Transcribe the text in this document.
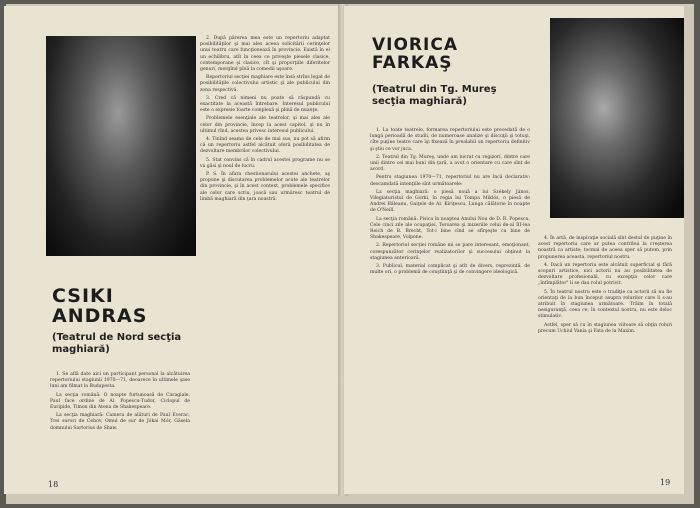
CSIKI
ANDRAS
(Teatrul de Nord secţia maghiară)

2. După părerea mea este un repertoriu adaptat posibilităţilor şi mai ales aceea solicitării cerinţelor unui teatru care funcţionează în provincie. Există în el un echilibru, atît în ceea ce priveşte piesele clasice, contemporane şi clasice, cît şi proporţiile diferitelor genuri, mergînd pînă la comedii uşoare.

Repertoriul secţiei maghiare este însă strîns legat de posibilităţile colectivului artistic şi ale publicului din zona respectivă.

3. Cred că nimeni nu poate să răspundă cu exactitate la această întrebare. Interesul publicului este o expresie foarte complexă şi plină de nuanţe.

Problemele esenţiale ale teatrelor, şi mai ales ale celor din provincie, încep la acest capitol, şi nu în ultimul rînd, acestea privesc interesul publicului.

4. Tinînd seama de cele de mai sus, nu pot să afirm că un repertoriu astfel alcătuit oferă posibilitatea de dezvoltare membrilor colectivului.

5. Stat convins că în cadrul acestei programe nu se va găsi şi noul de lucru.

P. S. În afara chestionarului acestei anchete, aş propune şi discutarea problemelor acute ale teatrelor din provincie, şi în acest context, problemele specifice ale celor care scriu, joacă sau urmăresc teatrul de limbă maghiară din ţara noastră.

1. Se află date aici un participant personal la alcătuirea repertoriului stagiunii 1970—71, deoarece în ultimele şase luni am filmat la Budapesta.

La secţia română: O noapte furtunoasă de Caragiale, Paul face ordine de Al. Popescu-Tudor, Ciclopul de Euripide, Timon din Atena de Shakespeare.

La secţia maghiară: Camera de alături de Paul Everac, Trei surori de Cehov, Omul de sur de Jókai Mór, Găsela domnului Sartorius de Shaw.

18
VIORICA
FARKAŞ
(Teatrul din Tg. Mureş secţia maghiară)

1. La toate teatrele, formarea repertoriului este precedată de o lungă perioadă de studii, de numeroase analize şi discuţii şi totuşi, cîte puţine teatre care îşi fixează în prealabil un repertoriu definitiv şi ştiu ce vor juca.

2. Teatrul din Tg. Mureş, unde am lucrat cu regizori, dintre care unii dintre cei mai buni din ţară, a avut o orientare cu care sînt de acord.

Pentru stagiunea 1970—71, repertoriul nu are încă declarativ: deocamdată intenţiile sînt următoarele:

La secţia maghiară: o piesă nouă a lui Székely János, Vilegiaturistul de Gorki, în regia lui Tompa Miklós, o piesă de Andrei Băleanu, Gaiţele de Al. Kiriţescu, Lunga călătorie în noapte de O'Neill.

La secţia română: Pisica în noaptea Anului Nou de D. R. Popescu, Cele cinci zile ale ocupaţiei, Teroarea şi mizeriile celui de-al III-lea Reich de B. Brecht, Tot-i bine cînd se sfîrşeşte cu bine de Shakespeare, Volpone.

2. Repertoriul secţiei române mi se pare interesant, emoţionant, corespunzător cerinţelor realizatorilor şi succesului obţinut la stagiunea anterioară.

3. Publicul, material complicat şi atît de divers, reprezintă, de multe ori, o problemă de conştiinţă şi de convingere ideologică.

4. În artă, de inspiraţie socială sînt destul de puţine în acest repertoriu care ar putea contribui la creşterea noastră ca artiste; tocmai de aceea sper să putem, prin propunerea aceasta, repertoriul nostru.

4. Dacă un repertoriu este alcătuit superficial şi fără scopuri artistice, nici actorii nu au posibilitatea de dezvoltare profesională, cu excepţia celor care „întîmplător" li se dau rolul potrivit.

5. În teatrul nostru este o tradiţie ca actorii să nu fie orientaţi de la bun început asupra rolurilor care li s-au atribuit în stagiunea următoare. Trăim în totală nesiguranţă, ceea ce, în contextul nostru, nu este deloc stimulativ.

Astfel, sper să cu în stagiunea viitoare să obţin roluri precum Uchiul Vania şi Fata de la Maxim.

19
